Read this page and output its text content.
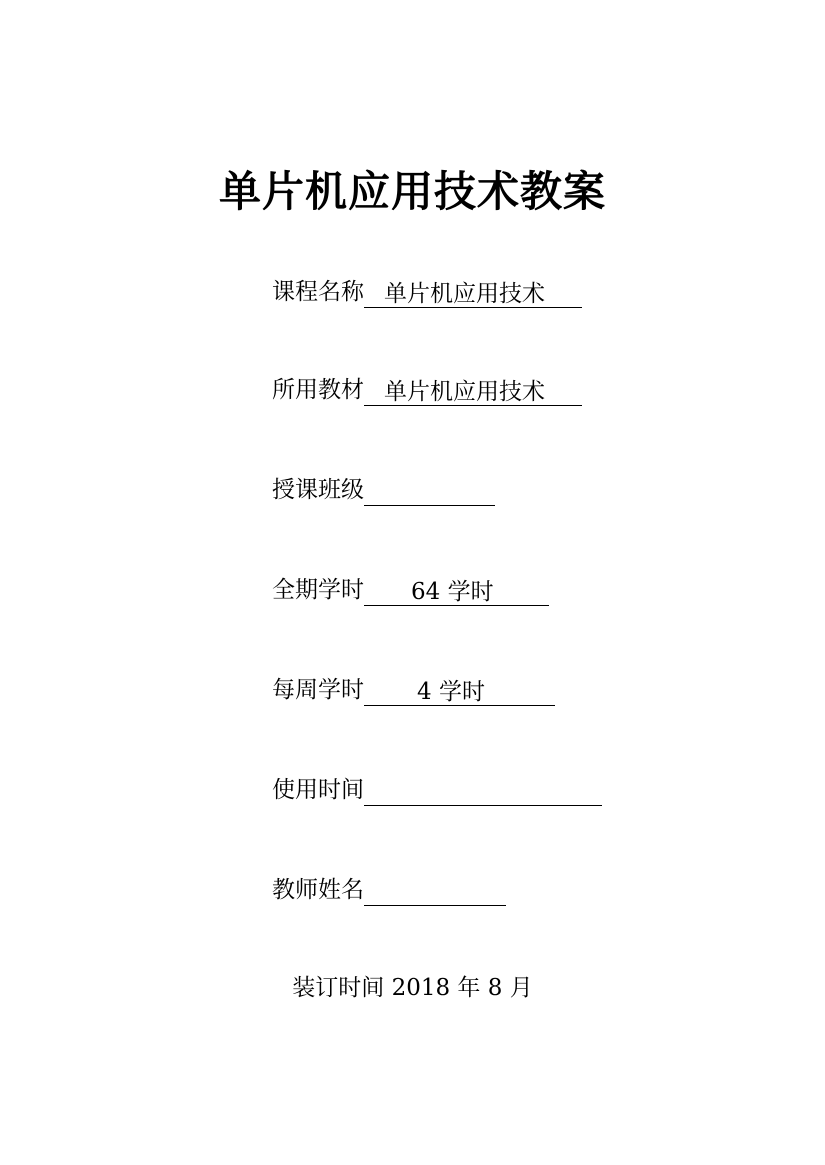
单片机应用技术教案
课程名称 单片机应用技术
所用教材 单片机应用技术
授课班级
全期学时	64 学时
每周学时	4 学时
使用时间
教师姓名
装订时间 2018 年 8 月
